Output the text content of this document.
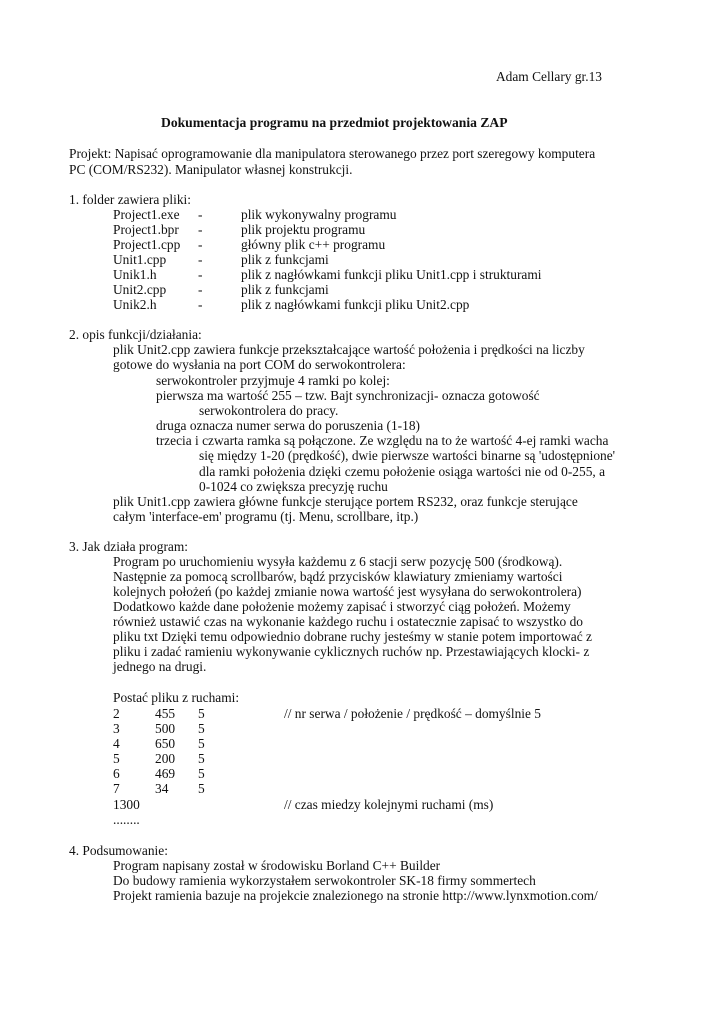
Adam Cellary gr.13
Dokumentacja programu na przedmiot projektowania ZAP
Projekt: Napisać oprogramowanie dla manipulatora sterowanego przez port szeregowy komputera
PC (COM/RS232). Manipulator własnej konstrukcji.
1. folder zawiera pliki:
Project1.exe -	plik wykonywalny programu
Project1.bpr -	plik projektu programu
Project1.cpp -	główny plik c++ programu
Unit1.cpp -	plik z funkcjami
Unik1.h	-	plik z nagłówkami funkcji pliku Unit1.cpp i strukturami
Unit2.cpp -	plik z funkcjami
Unik2.h	-	plik z nagłówkami funkcji pliku Unit2.cpp
2. opis funkcji/działania:
plik Unit2.cpp zawiera funkcje przekształcające wartość położenia i prędkości na liczby
gotowe do wysłania na port COM do serwokontrolera:
serwokontroler przyjmuje 4 ramki po kolej:
pierwsza ma wartość 255 – tzw. Bajt synchronizacji- oznacza gotowość
serwokontrolera do pracy.
druga oznacza numer serwa do poruszenia (1-18)
trzecia i czwarta ramka są połączone. Ze względu na to że wartość 4-ej ramki wacha
się między 1-20 (prędkość), dwie pierwsze wartości binarne są 'udostępnione'
dla ramki położenia dzięki czemu położenie osiąga wartości nie od 0-255, a
0-1024 co zwiększa precyzję ruchu
plik Unit1.cpp zawiera główne funkcje sterujące portem RS232, oraz funkcje sterujące
całym 'interface-em' programu (tj. Menu, scrollbare, itp.)
3. Jak działa program:
Program po uruchomieniu wysyła każdemu z 6 stacji serw pozycję 500 (środkową).
Następnie za pomocą scrollbarów, bądź przycisków klawiatury zmieniamy wartości
kolejnych położeń (po każdej zmianie nowa wartość jest wysyłana do serwokontrolera)
Dodatkowo każde dane położenie możemy zapisać i stworzyć ciąg położeń. Możemy
również ustawić czas na wykonanie każdego ruchu i ostatecznie zapisać to wszystko do
pliku txt Dzięki temu odpowiednio dobrane ruchy jesteśmy w stanie potem importować z
pliku i zadać ramieniu wykonywanie cyklicznych ruchów np. Przestawiających klocki- z
jednego na drugi.
Postać pliku z ruchami:
2	455 5	// nr serwa / położenie / prędkość – domyślnie 5
3	500 5
4	650 5
5	200 5
6	469 5
7	34 5
1300	// czas miedzy kolejnymi ruchami (ms)
........
4. Podsumowanie:
Program napisany został w środowisku Borland C++ Builder
Do budowy ramienia wykorzystałem serwokontroler SK-18 firmy sommertech
Projekt ramienia bazuje na projekcie znalezionego na stronie http://www.lynxmotion.com/
